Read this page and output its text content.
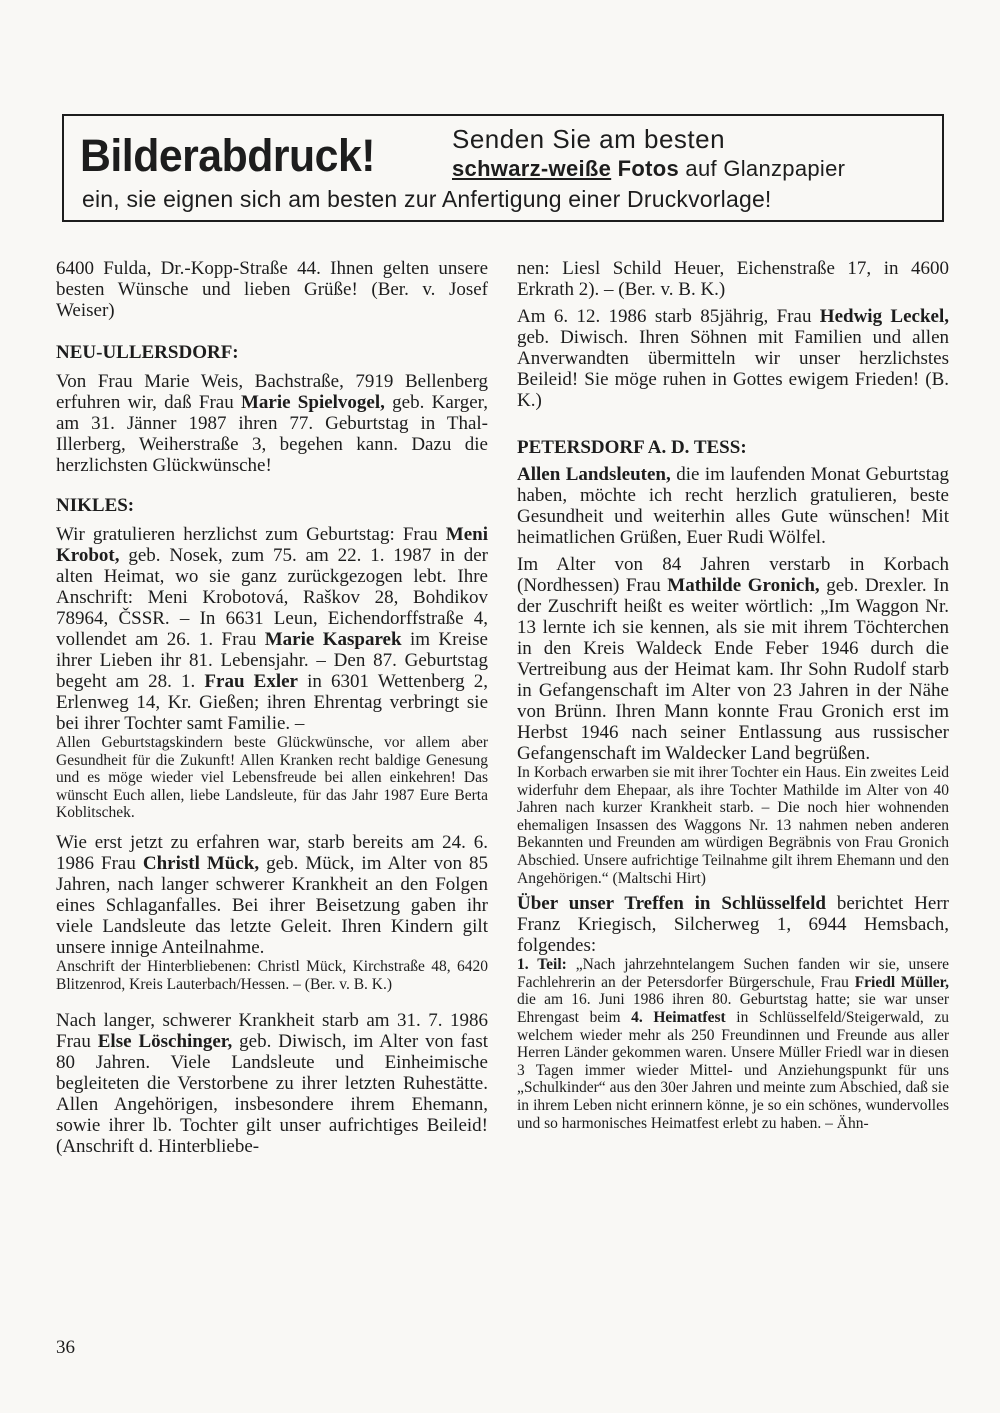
Bilderabdruck!	Senden Sie am besten
schwarz-weiße Fotos auf Glanzpapier
ein, sie eignen sich am besten zur Anfertigung einer Druckvorlage!

6400 Fulda, Dr.-Kopp-Straße 44. Ihnen gelten unsere besten Wünsche und lieben Grüße! (Ber. v. Josef Weiser)

NEU-ULLERSDORF:

Von Frau Marie Weis, Bachstraße, 7919 Bellenberg erfuhren wir, daß Frau Marie Spielvogel, geb. Karger, am 31. Jänner 1987 ihren 77. Geburtstag in Thal-Illerberg, Weiherstraße 3, begehen kann. Dazu die herzlichsten Glückwünsche!

NIKLES:

Wir gratulieren herzlichst zum Geburtstag: Frau Meni Krobot, geb. Nosek, zum 75. am 22. 1. 1987 in der alten Heimat, wo sie ganz zurückgezogen lebt. Ihre Anschrift: Meni Krobotová, Raškov 28, Bohdikov 78964, ČSSR. – In 6631 Leun, Eichendorffstraße 4, vollendet am 26. 1. Frau Marie Kasparek im Kreise ihrer Lieben ihr 81. Lebensjahr. – Den 87. Geburtstag begeht am 28. 1. Frau Exler in 6301 Wettenberg 2, Erlenweg 14, Kr. Gießen; ihren Ehrentag verbringt sie bei ihrer Tochter samt Familie. –

Allen Geburtstagskindern beste Glückwünsche, vor allem aber Gesundheit für die Zukunft! Allen Kranken recht baldige Genesung und es möge wieder viel Lebensfreude bei allen einkehren! Das wünscht Euch allen, liebe Landsleute, für das Jahr 1987 Eure Berta Koblitschek.

Wie erst jetzt zu erfahren war, starb bereits am 24. 6. 1986 Frau Christl Mück, geb. Mück, im Alter von 85 Jahren, nach langer schwerer Krankheit an den Folgen eines Schlaganfalles. Bei ihrer Beisetzung gaben ihr viele Landsleute das letzte Geleit. Ihren Kindern gilt unsere innige Anteilnahme.

Anschrift der Hinterbliebenen: Christl Mück, Kirchstraße 48, 6420 Blitzenrod, Kreis Lauterbach/Hessen. – (Ber. v. B. K.)

Nach langer, schwerer Krankheit starb am 31. 7. 1986 Frau Else Löschinger, geb. Diwisch, im Alter von fast 80 Jahren. Viele Landsleute und Einheimische begleiteten die Verstorbene zu ihrer letzten Ruhestätte. Allen Angehörigen, insbesondere ihrem Ehemann, sowie ihrer lb. Tochter gilt unser aufrichtiges Beileid! (Anschrift d. Hinterbliebe-

nen: Liesl Schild Heuer, Eichenstraße 17, in 4600 Erkrath 2). – (Ber. v. B. K.)

Am 6. 12. 1986 starb 85jährig, Frau Hedwig Leckel, geb. Diwisch. Ihren Söhnen mit Familien und allen Anverwandten übermitteln wir unser herzlichstes Beileid! Sie möge ruhen in Gottes ewigem Frieden! (B. K.)

PETERSDORF A. D. TESS:

Allen Landsleuten, die im laufenden Monat Geburtstag haben, möchte ich recht herzlich gratulieren, beste Gesundheit und weiterhin alles Gute wünschen! Mit heimatlichen Grüßen, Euer Rudi Wölfel.

Im Alter von 84 Jahren verstarb in Korbach (Nordhessen) Frau Mathilde Gronich, geb. Drexler. In der Zuschrift heißt es weiter wörtlich: „Im Waggon Nr. 13 lernte ich sie kennen, als sie mit ihrem Töchterchen in den Kreis Waldeck Ende Feber 1946 durch die Vertreibung aus der Heimat kam. Ihr Sohn Rudolf starb in Gefangenschaft im Alter von 23 Jahren in der Nähe von Brünn. Ihren Mann konnte Frau Gronich erst im Herbst 1946 nach seiner Entlassung aus russischer Gefangenschaft im Waldecker Land begrüßen.

In Korbach erwarben sie mit ihrer Tochter ein Haus. Ein zweites Leid widerfuhr dem Ehepaar, als ihre Tochter Mathilde im Alter von 40 Jahren nach kurzer Krankheit starb. – Die noch hier wohnenden ehemaligen Insassen des Waggons Nr. 13 nahmen neben anderen Bekannten und Freunden am würdigen Begräbnis von Frau Gronich Abschied. Unsere aufrichtige Teilnahme gilt ihrem Ehemann und den Angehörigen.“ (Maltschi Hirt)

Über unser Treffen in Schlüsselfeld berichtet Herr Franz Kriegisch, Silcherweg 1, 6944 Hemsbach, folgendes:

1. Teil: „Nach jahrzehntelangem Suchen fanden wir sie, unsere Fachlehrerin an der Petersdorfer Bürgerschule, Frau Friedl Müller, die am 16. Juni 1986 ihren 80. Geburtstag hatte; sie war unser Ehrengast beim 4. Heimatfest in Schlüsselfeld/Steigerwald, zu welchem wieder mehr als 250 Freundinnen und Freunde aus aller Herren Länder gekommen waren. Unsere Müller Friedl war in diesen 3 Tagen immer wieder Mittel- und Anziehungspunkt für uns „Schulkinder“ aus den 30er Jahren und meinte zum Abschied, daß sie in ihrem Leben nicht erinnern könne, je so ein schönes, wundervolles und so harmonisches Heimatfest erlebt zu haben. – Ähn-

36
